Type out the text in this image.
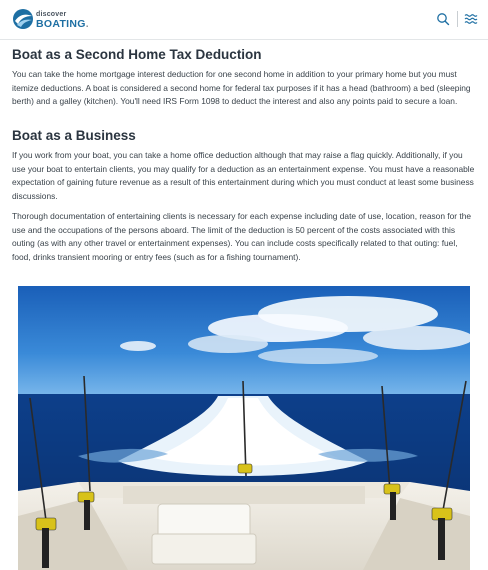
discover
BOATING.
Boat as a Second Home Tax Deduction

You can take the home mortgage interest deduction for one second home in addition to your primary home but you must itemize deductions. A boat is considered a second home for federal tax purposes if it has a head (bathroom) a bed (sleeping berth) and a galley (kitchen). You'll need IRS Form 1098 to deduct the interest and also any points paid to secure a loan.

Boat as a Business

If you work from your boat, you can take a home office deduction although that may raise a flag quickly. Additionally, if you use your boat to entertain clients, you may qualify for a deduction as an entertainment expense. You must have a reasonable expectation of gaining future revenue as a result of this entertainment during which you must conduct at least some business discussions.

Thorough documentation of entertaining clients is necessary for each expense including date of use, location, reason for the use and the occupations of the persons aboard. The limit of the deduction is 50 percent of the costs associated with this outing (as with any other travel or entertainment expenses). You can include costs specifically related to that outing: fuel, food, drinks transient mooring or entry fees (such as for a fishing tournament).
